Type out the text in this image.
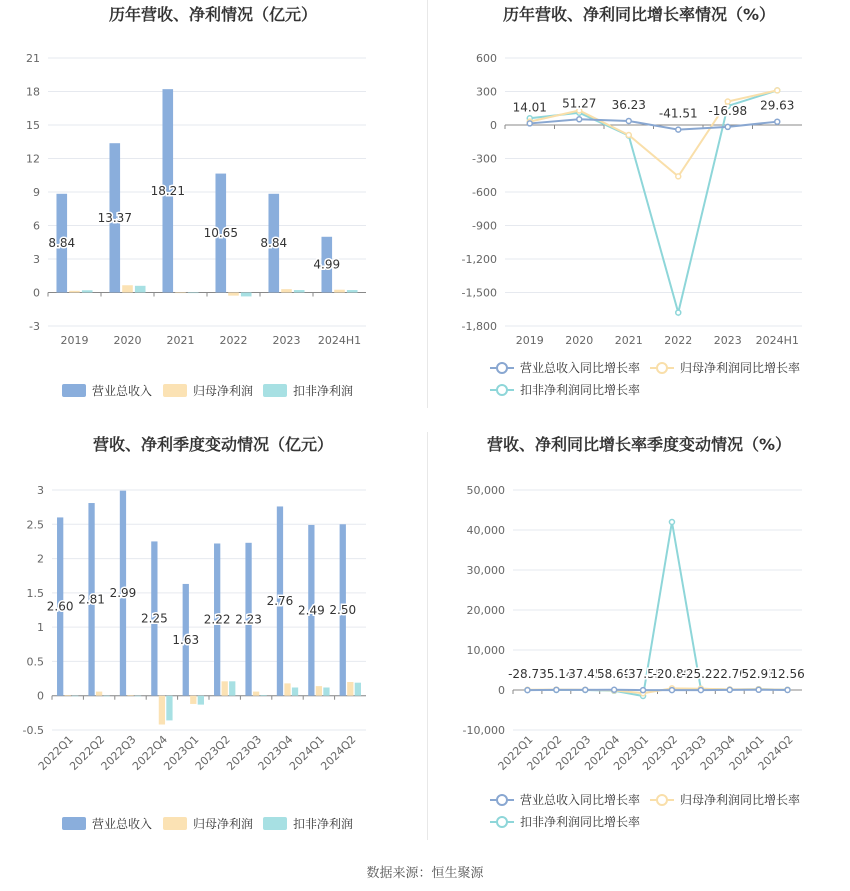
历年营收、净利情况（亿元）
21
18
15
12
9
6
3
0
-3
2019 2020 2021 2022 2023 2024H1
8.84
13.37
18.21
10.65
8.84
4.99
营业总收入	归母净利润	扣非净利润
历年营收、净利同比增长率情况（%）
600
300
0
-300
-600
-900
-1,200
-1,500
-1,800
2019 2020 2021 2022 2023 2024H1
14.01 51.27 36.23
-41.51 -16.98 29.63
营业总收入同比增长率	归母净利润同比增长率
扣非净利润同比增长率
营收、净利季度变动情况（亿元）
3
2.5
2
1.5
1
0.5
0
-0.5
2022Q1
2022Q2
2022Q3
2022Q4
2023Q1
2023Q2
2023Q3
2023Q4
2024Q1
2024Q2
2.60
2.81 2.99
2.25
1.63
2.22 2.23
2.76
2.49 2.50
营业总收入	归母净利润	扣非净利润
营收、净利同比增长率季度变动情况（%）
50,000
40,000
30,000
20,000
10,000
0
-10,000
2022Q1
2022Q2
2022Q3
2022Q4
2023Q1
2023Q2
2023Q3
2023Q4
2024Q1
2024Q2
-28.79
35.14
37.45
58.68
-37.55
-20.89
-25.27
22.70
52.93
12.56
营业总收入同比增长率	归母净利润同比增长率
扣非净利润同比增长率
数据来源：恒生聚源
